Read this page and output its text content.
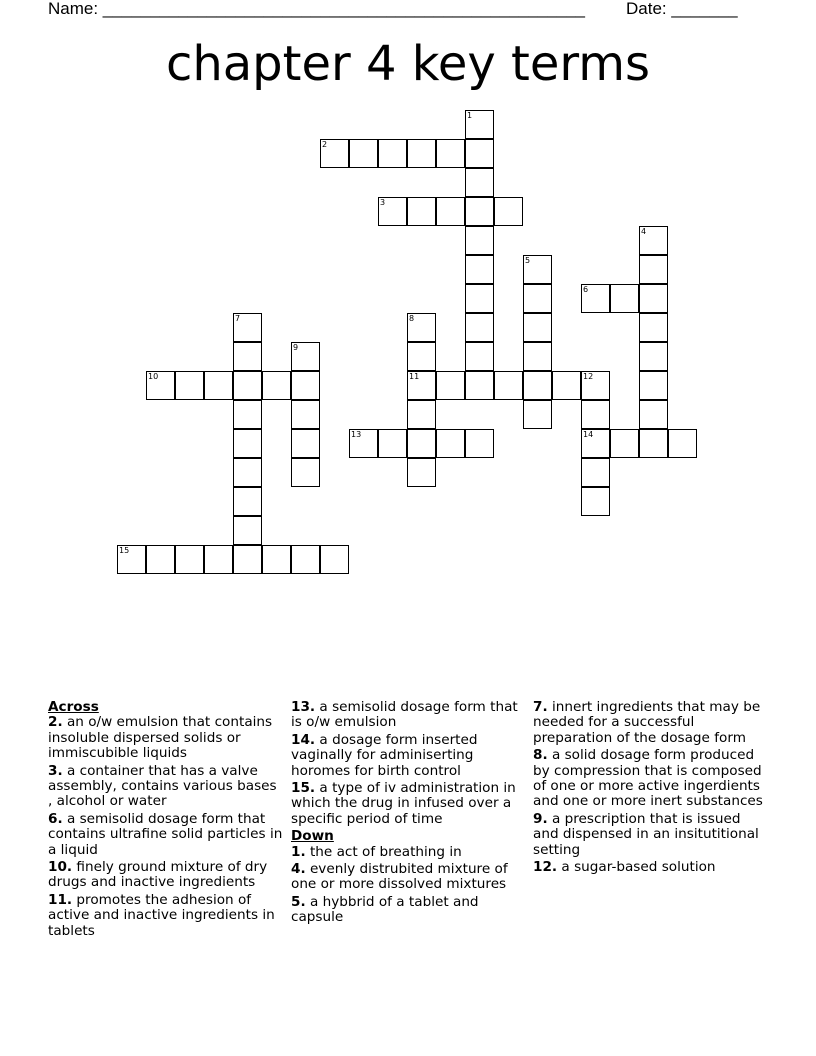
Name: ___________________________________________________ Date: _______
chapter 4 key terms
1
2
3
4
5
6
7	8
9
10	11	12
13	14
15
Across
2. an o/w emulsion that contains insoluble dispersed solids or immiscubible liquids
3. a container that has a valve assembly, contains various bases , alcohol or water
6. a semisolid dosage form that contains ultrafine solid particles in a liquid
10. finely ground mixture of dry drugs and inactive ingredients
11. promotes the adhesion of active and inactive ingredients in tablets
13. a semisolid dosage form that is o/w emulsion
14. a dosage form inserted vaginally for adminiserting horomes for birth control
15. a type of iv administration in which the drug in infused over a specific period of time
Down
1. the act of breathing in
4. evenly distrubited mixture of one or more dissolved mixtures
5. a hybbrid of a tablet and capsule
7. innert ingredients that may be needed for a successful preparation of the dosage form
8. a solid dosage form produced by compression that is composed of one or more active ingerdients and one or more inert substances
9. a prescription that is issued and dispensed in an insitutitional setting
12. a sugar-based solution
